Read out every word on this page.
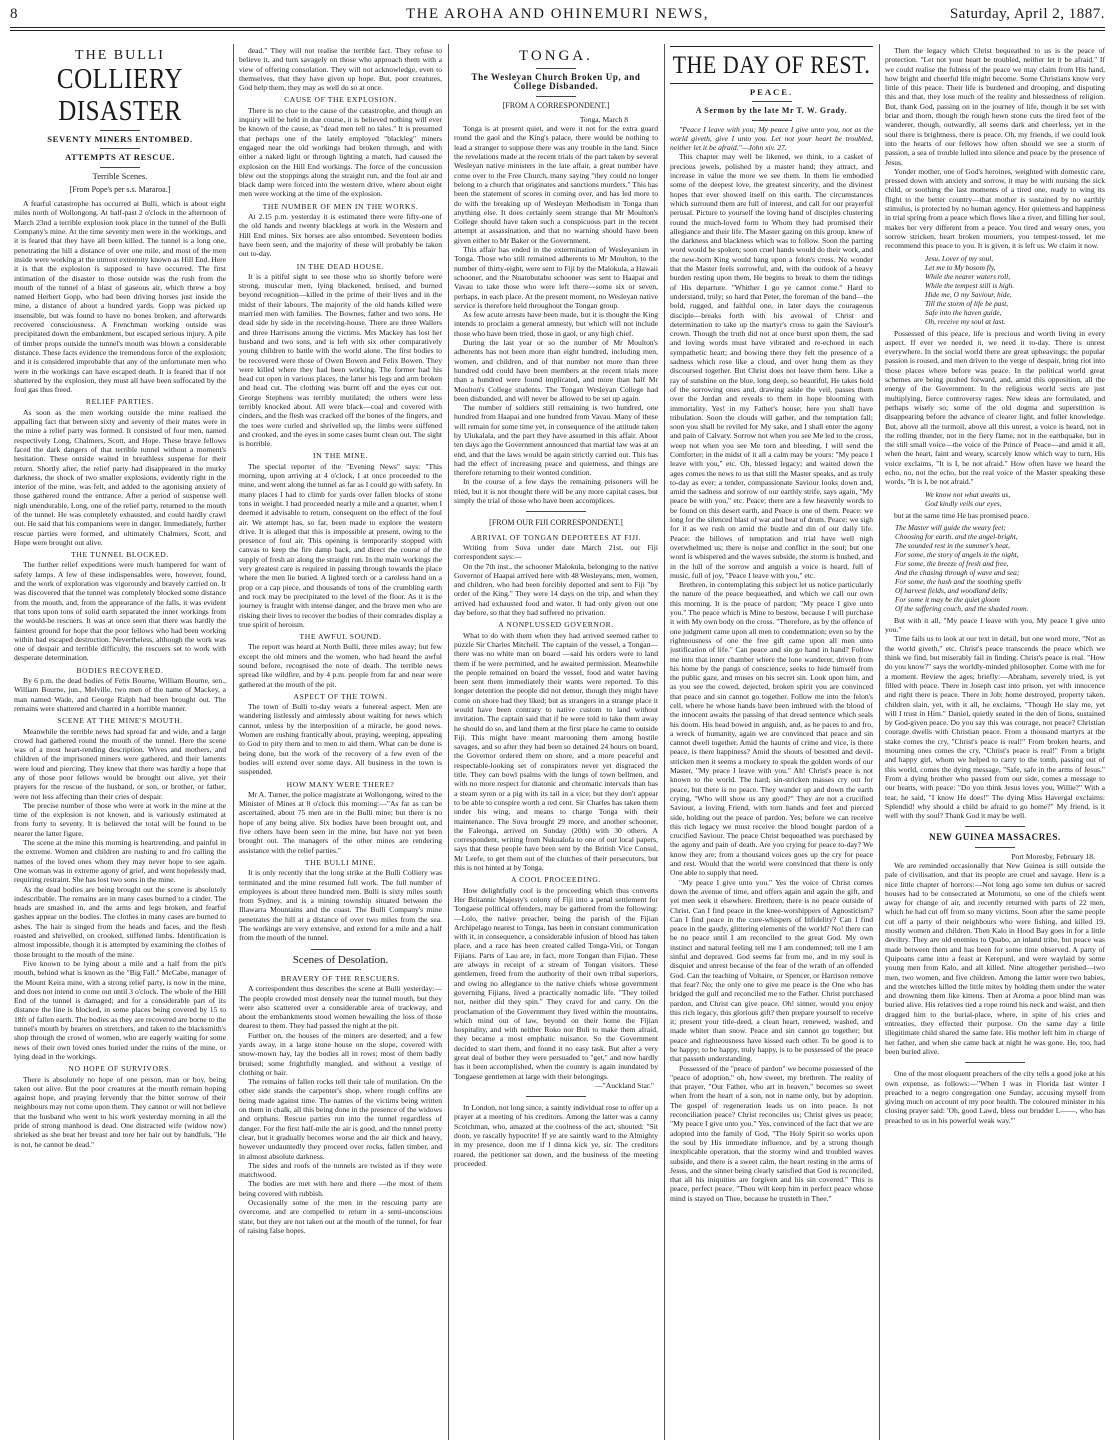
8	THE AROHA AND OHINEMURI NEWS,	Saturday, April 2, 1887.
THE BULLI
COLLIERY DISASTER
SEVENTY MINERS ENTOMBED.
ATTEMPTS AT RESCUE.
Terrible Scenes.
[From Pope's per s.s. Mararoa.]

A fearful catastrophe has occurred at Bulli, which is about eight miles north of Wollongong. At half-past 2 o'clock in the afternoon of March 23nd a terrible explosion took place in the tunnel of the Bulli Company's mine. At the time seventy men were in the workings, and it is feared that they have all been killed. The tunnel is a long one, penetrating the hill a distance of over one mile, and most of the men inside were working at the utmost extremity known as Hill End. Here it is that the explosion is supposed to have occurred. The first intimation of the disaster to those outside was the rush from the mouth of the tunnel of a blast of gaseous air, which threw a boy named Herbert Gopp, who had been driving horses just inside the mine, a distance of about a hundred yards. Gopp was picked up insensible, but was found to have no bones broken, and afterwards recovered consciousness. A Frenchman working outside was precipitated down the embankment, but escaped serious injury. A pile of timber props outside the tunnel's mouth was blown a considerable distance. These facts evidence the tremendous force of the explosion; and it is considered improbable that any of the unfortunate men who were in the workings can have escaped death. It is feared that if not shattered by the explosion, they must all have been suffocated by the foul gas thus freed.

RELIEF PARTIES.

As soon as the men working outside the mine realised the appalling fact that between sixty and seventy of their mates were in the mine a relief party was formed. It consisted of four men, named respectively Long, Chalmers, Scott, and Hope. These brave fellows faced the dark dangers of that terrible tunnel without a moment's hesitation. These outside waited in breathless suspense for their return. Shortly after, the relief party had disappeared in the murky darkness, the shock of two smaller explosions, evidently right in the interior of the mine, was felt, and added to the agonising anxiety of those gathered round the entrance. After a period of suspense well nigh unendurable, Long, one of the relief party, returned to the mouth of the tunnel. He was completely exhausted, and could hardly crawl out. He said that his companions were in danger. Immediately, further rescue parties were formed, and ultimately Chalmers, Scott, and Hope were brought out alive.

THE TUNNEL BLOCKED.

The further relief expeditions were much hampered for want of safety lamps. A few of these indispensables were, however, found, and the work of exploration was vigorously and bravely carried on. It was discovered that the tunnel was completely blocked some distance from the mouth, and, from the appearance of the falls, it was evident that tons upon tons of solid earth separated the inner workings from the would-be rescuers. It was at once seen that there was hardly the faintest ground for hope that the poor fellows who had been working within had escaped destruction. Nevertheless, although the work was one of despair and terrible difficulty, the rescuers set to work with desperate determination.

BODIES RECOVERED.

By 6 p.m. the dead bodies of Felix Bourne, William Bourne, sen., William Bourne, jun., Melville, two men of the name of Mackey, a man named Wade, and George Ralph had been brought out. The remains were shattered and charred in a horrible manner.

SCENE AT THE MINE'S MOUTH.

Meanwhile the terrible news had spread far and wide, and a large crowd had gathered round the mouth of the tunnel. Here the scene was of a most heart-rending description. Wives and mothers, and children of the imprisoned miners were gathered, and their laments were loud and piercing. They knew that there was hardly a hope that any of those poor fellows would be brought out alive, yet their prayers for the rescue of the husband, or son, or brother, or father, were not less affecting than their cries of despair.

The precise number of those who were at work in the mine at the time of the explosion is not known, and is variously estimated at from forty to seventy. It is believed the total will be found to be nearer the latter figure.

The scene at the mine this morning is heartrending, and painful in the extreme. Women and children are rushing to and fro calling the names of the loved ones whom they may never hope to see again. One woman was in extreme agony of grief, and went hopelessly mad, requiring restraint. She has lost two sons in the mine.

As the dead bodies are being brought out the scene is absolutely indescribable. The remains are in many cases burned to a cinder. The heads are smashed in, and the arms and legs broken, and fearful gashes appear on the bodies. The clothes in many cases are burned to ashes. The hair is singed from the heads and faces, and the flesh roasted and shrivelled, on crooked, stiffened limbs. Identification is almost impossible, though it is attempted by examining the clothes of those brought to the mouth of the mine.

Five known to be lying about a mile and a half from the pit's mouth, behind what is known as the "Big Fall." McCabe, manager of the Mount Keira mine, with a strong relief party, is now in the mine, and does not intend to come out until 3 o'clock. The whole of the Hill End of the tunnel is damaged; and for a considerable part of its distance the line is blocked, in some places being covered by 15 to 18ft of fallen earth. The bodies as they are recovered are borne to the tunnel's mouth by bearers on stretchers, and taken to the blacksmith's shop through the crowd of women, who are eagerly waiting for some news of their own loved ones buried under the ruins of the mine, or lying dead in the workings.

NO HOPE OF SURVIVORS.

There is absolutely no hope of one person, man or boy, being taken out alive. But the poor creatures at the mouth remain hoping against hope, and praying fervently that the bitter sorrow of their neighbours may not come upon them. They cannot or will not believe that the husband who went to his work yesterday morning in all the pride of strong manhood is dead. One distracted wife (widow now) shrieked as she beat her breast and tore her hair out by handfuls, "He is not, he cannot be dead."

dead." They will not realise the terrible fact. They refuse to believe it, and turn savagely on those who approach them with a view of offering consolation. They will not acknowledge, even to themselves, that they have given up hope. But, poor creatures, God help them, they may as well do so at once.

CAUSE OF THE EXPLOSION.

There is no clue to the cause of the catastrophe, and though an inquiry will be held in due course, it is believed nothing will ever be known of the cause, as "dead men tell no tales." It is presumed that perhaps one of the lately employed "blackleg" miners engaged near the old workings had broken through, and with either a naked light or through lighting a match, had caused the explosion on the Hill End workings. The force of the concussion blew out the stoppings along the straight run, and the foul air and black damp were forced into the western drive, where about eight men were working at the time of the explosion.

THE NUMBER OF MEN IN THE WORKS.

At 2.15 p.m. yesterday it is estimated there were fifty-one of the old hands and twenty blacklegs at work in the Western and Hill End mines. Six horses are also entombed. Seventeen bodies have been seen, and the majority of these will probably be taken out to-day.

IN THE DEAD HOUSE.

It is a pitiful sight to see those who so shortly before were strong, muscular men, lying blackened, bruised, and burned beyond recognition—killed in the prime of their lives and in the midst of their labours. The majority of the old hands killed were married men with families. The Bownes, father and two sons. He dead side by side in the receiving-house. There are three Wallers and three Harrisons among the victims. Mrs Mackey has lost her husband and two sons, and is left with six other comparatively young children to battle with the world alone. The first bodies to be recovered were those of Owen Bowen and Felix Bowen. They were killed where they had been working. The former had his head cut open in various places, the latter his legs and arm broken and head cut. The clothing was burnt off and the eyes cut out. George Stephens was terribly mutilated; the others were less terribly knocked about. All were black—coal and covered with cinders, and the flesh was cracked off the bones of the fingers, and the toes were curled and shrivelled up, the limbs were stiffened and crooked, and the eyes in some cases burnt clean out. The sight is horrible.

IN THE MINE.

The special reporter of the "Evening News" says: "This morning, upon arriving at 4 o'clock, I at once proceeded to the mine, and went along the tunnel as far as I could go with safety. In many places I had to climb for yards over fallen blocks of stone tons in weight. I had proceeded nearly a mile and a quarter, when I deemed it advisable to return, consequent on the effect of the foul air. We attempt has, so far, been made to explore the western drive. It is alleged that this is impossible at present, owing to the presence of foul air. This opening is temporarily stopped with canvas to keep the fire damp back, and direct the course of the supply of fresh air along the straight run. In the main workings the very greatest care is required in passing through towards the place where the men lie buried. A lighted torch or a careless hand on a prop or a cap piece, and thousands of tons of the crumbling earth and rock may be precipitated to the level of the floor. As it is the journey is fraught with intense danger, and the brave men who are risking their lives to recover the bodies of their comrades display a true spirit of heroism.

THE AWFUL SOUND.

The report was heard at North Bulli, three miles away; but few except the old miners and the women, who had heard the awful sound before, recognised the note of death. The terrible news spread like wildfire, and by 4 p.m. people from far and near were gathered at the mouth of the pit.

ASPECT OF THE TOWN.

The town of Bulli to-day wears a funereal aspect. Men are wandering listlessly and aimlessly about waiting for news which cannot, unless by the interposition of a miracle, be good news. Women are rushing frantically about, praying, weeping, appealing to God to pity them and to men to aid them. What can be done is being done, but the work of the recovery of a few even of the bodies will extend over some days. All business in the town is suspended.

HOW MANY WERE THERE?

Mr A. Turner, the police magistrate at Wollongong, wired to the Minister of Mines at 8 o'clock this morning:—"As far as can be ascertained, about 75 men are in the Bulli mine; but there is no hope of any being alive. Six bodies have been brought out, and five others have been seen in the mine, but have not yet been brought out. The managers of the other mines are rendering assistance with the relief parties."

THE BULLI MINE.

It is only recently that the long strike at the Bulli Colliery was terminated and the mine resumed full work. The full number of employees is about three hundred men. Bulli is sixty miles south from Sydney, and is a mining township situated between the Illawarra Mountains and the coast. The Bulli Company's mine penetrates the hill at a distance of over two miles from the sea. The workings are very extensive, and extend for a mile and a half from the mouth of the tunnel.

Scenes of Desolation.
BRAVERY OF THE RESCUERS.

A correspondent thus describes the scene at Bulli yesterday:—The people crowded most densely near the tunnel mouth, but they were also scattered over a considerable area of trackway, and about the embankments stood women bewailing the loss of those dearest to them. They had passed the night at the pit.

Further on, the houses of the miners are deserted, and a few yards away, in a large stone house on the slope, covered with snow-mown hay, lay the bodies all in rows; most of them badly bruised; some frightfully mangled, and without a vestige of clothing or hair.

The remains of fallen rocks tell their tale of mutilation. On the other side stands the carpenter's shop, where rough coffins are being made against time. The names of the victims being written on them in chalk, all this being done in the presence of the widows and orphans. Rescue parties run into the tunnel regardless of danger. For the first half-mile the air is good, and the tunnel pretty clear, but it gradually becomes worse and the air thick and heavy, however undauntedly they proceed over rocks, fallen timber, and in almost absolute darkness.

The sides and roofs of the tunnels are twisted as if they were matchwood.

The bodies are met with here and there —the most of them being covered with rubbish.

Occasionally some of the men in the rescuing party are overcome, and are compelled to return in a semi-unconscious state, but they are not taken out at the mouth of the tunnel, for fear of raising false hopes.

TONGA.
The Wesleyan Church Broken Up, and College Disbanded.
[FROM A CORRESPONDENT.]
Tonga, March 8

Tonga is at present quiet, and were it not for the extra guard round the gaol and the King's palace, there would be nothing to lead a stranger to suppose there was any trouble in the land. Since the revelations made at the recent trials of the part taken by several Wesleyan native ministers in the late affair, a great number have come over to the Free Church, many saying "they could no longer belong to a church that originates and sanctions murders." This has been the statement of scores in coming over, and has led more to do with the breaking up of Wesleyan Methodism in Tonga than anything else. It does certainly seem strange that Mr Moulton's College should have taken such a conspicuous part in the recent attempt at assassination, and that no warning should have been given either to Mr Baker or the Government.

This affair has ended in the extermination of Wesleyanism in Tonga. Those who still remained adherents to Mr Moulton, to the number of thirty-eight, were sent to Fiji by the Malokula, a Hawaii schooner, and the Nuatobutabu schooner was sent to Haapai and Vavau to take those who were left there—some six or seven, perhaps, in each place. At the present moment, no Wesleyan native service is therefore held throughout the Tongan group.

As few acute arrests have been made, but it is thought the King intends to proclaim a general amnesty, but which will not include those who have been tried, those in gaol, or any high chief.

During the last year or so the number of Mr Moulton's adherents has not been more than eight hundred, including men, women, and children, and of that number not more than three hundred odd could have been members at the recent trials more than a hundred were found implicated, and more than half Mr Moulton's College students. The Tongan Wesleyan College had been disbanded, and will never be allowed to be set up again.

The number of soldiers still remaining is two hundred, one hundred from Haapai and one hundred from Vavau. Many of these will remain for some time yet, in consequence of the attitude taken by Ulukalala, and the part they have assumed in this affair. About ten days ago the Government announced that martial law was at an end, and that the laws would be again strictly carried out. This has had the effect of increasing peace and quietness, and things are therefore returning to their wonted condition.

In the course of a few days the remaining prisoners will be tried, but it is not thought there will be any more capital cases, but simply the trial of those who have been accomplices.

[FROM OUR FIJI CORRESPONDENT.]
ARRIVAL OF TONGAN DEPORTEES AT FIJI.

Writing from Suva under date March 21st, our Fiji correspondent says:—

On the 7th inst., the schooner Malokula, belonging to the native Governor of Haapai arrived here with 48 Wesleyans, men, women, and children, who had been forcibly deported and sent to Fiji "by order of the King." They were 14 days on the trip, and when they arrived had exhausted food and water. It had only given out one day before, so that they had suffered no privation.

A NONPLUSSED GOVERNOR.

What to do with them when they had arrived seemed rather to puzzle Sir Charles Mitchell. The captain of the vessel, a Tongan—there was no white man on board —said his orders were to land them if he were permitted, and he awaited permission. Meanwhile the people remained on board the vessel, food and water having been sent them immediately their wants were reported. To this longer detention the people did not demur, though they might have come on shore had they liked; but as strangers in a strange place it would have been contrary to native custom to land without invitation. The captain said that if he were told to take them away he should do so, and land them at the first place he came to outside Fiji. This might have meant marooning them among hostile savages, and so after they had been so detained 24 hours on board, the Governor ordered them on shore, and a more peaceful and respectable-looking set of conspirators never yet disgraced the title. They can bowl psalms with the lungs of town bellmen, and with no more respect for diatonic and chromatic intervals than has a steam syren or a pig with its tail in a vice; but they don't appear to be able to conspire worth a red cent. Sir Charles has taken them under his wing, and means to charge Tonga with their maintenance. The Suva brought 29 more, and another schooner, the Faleonga, arrived on Sunday (20th) with 30 others. A correspondent, writing from Nukualofa to one of our local papers, says that these people have been sent by the British Vice Consul, Mr Leefe, to get them out of the clutches of their persecutors, but this is not hinted at by Tonga.

A COOL PROCEEDING.

How delightfully cool is the proceeding which thus converts Her Britannic Majesty's colony of Fiji into a penal settlement for Tongaese political offenders, may be gathered from the following:—Lolo, the native preacher, being the parish of the Fijian Archipelago nearest to Tonga, has been in constant communication with it, in consequence, a considerable infusion of blood has taken place, and a race has been created called Tonga-Viti, or Tongan Fijians. Parts of Lau are, in fact, more Tongan than Fijian. These are always in receipt of a stream of Tongan visitors. These gentlemen, freed from the authority of their own tribal superiors, and owing no allegiance to the native chiefs whose government governing Fijians, lived a practically nomadic life. "They toiled not, neither did they spin." They cravd for and carry. On the proclamation of the Government they lived within the mountains, which mind out of law, beyond on their home the Fijian hospitality, and with neither Roko nor Buli to make them afraid, they became a most emphatic nuisance. So the Government decided to start them, and found it no easy task. But after a very great deal of bother they were persuaded to "get," and now hardly has it been accomplished, when the country is again inundated by Tongaese gentlemen at large with their belongings.

—"Auckland Star."

In London, not long since, a saintly individual rose to offer up a prayer at a meeting of his creditors. Among the latter was a canny Scotchman, who, amazed at the coolness of the act, shouted: "Sit doon, ye rascally hypocrite! If ye are saintly ward to the Almighty in my presence, doon me if I dinna kick ye, sir. The creditors roared, the petitioner sat down, and the business of the meeting proceeded.

THE DAY OF REST.
PEACE.
A Sermon by the late Mr T. W. Grady.

"Peace I leave with you; My peace I give unto you, not as the world giveth, give I unto you. Let not your heart be troubled, neither let it be afraid."—John xiv. 27.

This chapter may well be likened, we think, to a casket of precious jewels, polished by a master hand; they attract, and increase in value the more we see them. In them lie embodied some of the deepest love, the greatest sincerity, and the divinest hopes that ever showed itself on this earth. The circumstances which surround them are full of interest, and call for our prayerful perusal. Picture to yourself the loving band of disciples clustering round the much-loved form to Whom they had promised their allegiance and their life. The Master gazing on this group, knew of the darkness and blackness which was to follow. Soon the parting word would be spoken; soon cruel hands would do their work, and the new-born King would hang upon a felon's cross. No wonder that the Master feels sorrowful, and, with the outlook of a heavy burden resting upon them, He begins to break to them the tidings of His departure. "Whither I go ye cannot come." Hard to understand, truly; so hard that Peter, the foreman of the band—the bold, rugged, and faithful one, in later days the courageous disciple—breaks forth with his avowal of Christ and determination to take up the martyr's cross to gain the Saviour's crown. Though the truth did not at once burst upon them, the sad and loving words must have vibrated and re-echoed in each sympathetic heart; and bowing there they felt the presence of a sadness which rose like a cloud, and over hung them as they discoursed together. But Christ does not leave them here. Like a ray of sunshine on the blue, long deep, so beautiful, He takes hold of the sorrowing ones and, drawing aside the veil, passes them over the Jordan and reveals to them in hope blooming with immortality. Yes! in my Father's house; here you shall have tribulation. Soon the clouds will gather, and the temptation fall; soon you shall be reviled for My sake, and I shall enter the agony and pain of Calvary. Sorrow not when you see Me led to the cross, weep not when you see Me torn and bleeding, I will send the Comforter; in the midst of it all a calm may be yours: "My peace I leave with you," etc. Oh, blessed legacy; and waited down the ages comes the news to us that still the Master speaks, and as truly to-day as ever; a tender, compassionate Saviour looks down and, amid the sadness and sorrow of our earthly strife, says again, "My peace be with you," etc. Peace; there are a few heavenly words to be found on this desert earth, and Peace is one of them. Peace: we long for the silenced blast of war and beat of drum. Peace: we sigh for it as we rush on amid the bustle and din of our daily life. Peace: the billows of temptation and trial have well nigh overwhelmed us; there is noise and conflict in the soul; but one word is whispered and the waves subside, the storm is hushed, and in the lull of the sorrow and anguish a voice is heard, full of music, full of joy, "Peace I leave with you," etc.

Brethren, in contemplating this subject let us notice particularly the nature of the peace bequeathed, and which we call our own this morning. It is the peace of pardon; "My peace I give unto you." The peace which is Mine to bestow, because I will purchase it with My own body on the cross. "Therefore, as by the offence of one judgment came upon all men to condemnation; even so by the righteousness of one the free gift came upon all men unto justification of life." Can peace and sin go hand in hand? Follow me into that inner chamber where the lone wanderer, driven from his home by the pangs of conscience, seeks to hide himself from the public gaze, and muses on his secret sin. Look upon him, and as you see the cowed, dejected, broken spirit you are convinced that peace and sin cannot go together. Follow me into the felon's cell, where he whose hands have been imbrued with the blood of the innocent awaits the passing of that dread sentence which seals his doom. His head bowed in anguish, and, as he paces to and fro, a wreck of humanity, again we are convinced that peace and sin cannot dwell together. Amid the haunts of crime and vice, is there peace, is there happiness? Amid the shouts of besotted and devil-stricken men it seems a mockery to speak the golden words of our Master, "My peace I leave with you." Ah! Christ's peace is not known to the world. The hard, sin-stricken masses cry out for peace, but there is no peace. They wander up and down the earth crying, "Who will show us any good?" They are not a crucified Saviour, a loving Friend, with torn hands and feet and pierced side, holding out the peace of pardon. Yes; before we can receive this rich legacy we must receive the blood bought pardon of a crucified Saviour. The peace Christ bequeathed was purchased by the agony and pain of death. Are you crying for peace to-day? We know they are; from a thousand voices goes up the cry for peace and rest. Would that the world were convinced that there is only One able to supply that need.

"My peace I give unto you." Yes the voice of Christ comes down the avenue of time, and offers again and again the gift, and yet men seek it elsewhere. Brethren, there is no peace outside of Christ. Can I find peace in the knee-worshippers of Agnosticism? Can I find peace in the cure-whispers of Infidelity? Can I find peace in the gaudy, glittering elements of the world? No! there can be no peace until I am reconciled to the great God. My own instinct and natural feeling tell me I am condemned; tell me I am sinful and depraved. God seems far from me, and in my soul is disquiet and unrest because of the fear of the wrath of an offended God. Can the teaching of Voltaire, or Spencer, or Harrison remove that fear? No; the only one to give me peace is the One who has bridged the gulf and reconciled me to the Father. Christ purchased pardon, and Christ can give peace. Oh! sinner, would you enjoy this rich legacy, this glorious gift? then prepare yourself to receive it; present your title-deed, a clean heart, renewed, washed, and made whiter than snow. Peace and sin cannot go together; but peace and righteousness have kissed each other. To be good is to be happy; to be happy, truly happy, is to be possessed of the peace that passeth understanding.

Possessed of the "peace of pardon" we become possessed of the "peace of adoption," oh, how sweet, my brethren. The reality of that prayer, "Our Father, who art in heaven," becomes so sweet when from the heart of a son, not in name only, but by adoption. The gospel of regeneration leads us on into peace. Is not reconciliation peace? Christ reconciles us; Christ gives us peace; "My peace I give unto you." Yes, convinced of the fact that we are adopted into the family of God, "The Holy Spirit so works upon the soul by His immediate influence, and by a strong though inexplicable operation, that the stormy wind and troubled waves subside, and there is a sweet calm, the heart resting in the arms of Jesus, and the sinner being clearly satisfied that God is reconciled, that all his iniquities are forgiven and his sin covered." This is peace, perfect peace. "Thou wilt keep him in perfect peace whose mind is stayed on Thee, because he trusteth in Thee."

Then the legacy which Christ bequeathed to us is the peace of protection. "Let not your heart be troubled, neither let it be afraid." If we could realise the fulness of the peace we may claim from His hand, how bright and cheerful life might become. Some Christians know very little of this peace. Their life is burdened and drooping, and disputing this and that, they lose much of the reality and blessedness of religion. But, thank God, passing on in the journey of life, though it be set with briar and thorn, though the rough hewn stone cuts the tired feet of the wanderer, though, outwardly, all seems dark and cheerless, yet in the soul there is brightness, there is peace. Oh, my friends, if we could look into the hearts of our fellows how often should we see a storm of passion, a sea of trouble lulled into silence and peace by the presence of Jesus.

Yonder mother, one of God's heroines, weighted with domestic care, pressed down with anxiety and sorrow, it may be with nursing the sick child, or soothing the last moments of a tired one, ready to wing its flight to the better country—that mother is sustained by no earthly stimulus, is protected by no human agency. Her quietness and happiness in trial spring from a peace which flows like a river, and filling her soul, makes her very different from a peace. You tired and weary ones, you sorrow stricken, heart broken mourners, you tempest-tossed, let me recommend this peace to you. It is given, it is left us. We claim it now.

Jesu, Lover of my soul,
Let me to My bosom fly,
While the nearer waters roll,
While the tempest still is high.
Hide me, O my Saviour, hide,
Till the storm of life be past,
Safe into the haven guide,
Oh, receive my soul at last.

Possessed of this peace, life is precious and worth living in every aspect. If ever we needed it, we need it to-day. There is unrest everywhere. In the social world there are great upheavings; the popular passion is roused, and men driven to the verge of despair, bring riot into those places where before was peace. In the political world great schemes are being pushed forward, and, amid this opposition, all the energy of the Government. In the religious world sects are just multiplying, fierce controversy rages. New ideas are formulated, and perhaps wisely so; some of the old dogma and superstition is disappearing before the advance of clearer light, and fuller knowledge. But, above all the turmoil, above all this unrest, a voice is heard, not in the rolling thunder, not in the fiery flame, not in the earthquake, but in the still small voice—the voice of the Prince of Peace—and amid it all, when the heart, faint and weary, scarcely know which way to turn, His voice exclaims, "It is I, be not afraid." How often have we heard the echo, no, not the echo, but the real voice of the Master speaking these words, "It is I, be not afraid."

We know not what awaits us,
God kindly veils our eyes,

but at the same time He has promised peace.

The Master will guide the weary feet;
Choosing for earth, and the angel-bright,
The sounded rest in the summer's heat,
For some, the story of angels in the night,
For some, the breeze of fresh and free,
And the chasing through of wave and sea;
For some, the hush and the soothing spells
Of harvest fields, and woodland dells;
For some it may be the quiet gloom
Of the suffering couch, and the shaded room.

But with it all, "My peace I leave with you, My peace I give unto you."

Time fails us to look at our text in detail, but one word more, "Not as the world giveth," etc. Christ's peace transcends the peace which we think we find, but miserably fail in finding. Christ's peace is real. "How do you know?" says the worldly-minded philosopher. Come with me for a moment. Review the ages; briefly:—Abraham, severely tried, is yet filled with peace. There in Joseph cast into prison, yet with innocence and right there is peace. There in Job: home destroyed, property taken, children slain, yet, with it all, he exclaims, "Though He slay me, yet will I trust in Him." Daniel, quietly seated in the den of lions, sustained by God-given peace. Do you say this was courage, not peace? Christian courage dwells with Christian peace. From a thousand martyrs at the stake comes the cry, "Christ's peace is real!" From broken hearts, and mourning ones comes the cry, "Christ's peace is real!" From a bright and happy girl, whom we helped to carry to the tomb, passing out of this world, comes the dying message, "Safe, safe in the arms of Jesus." From a dying brother who passed from our side, comes a message to our hearts, with peace: "Do you think Jesus loves you, Willie?" With a tear, he said, "I know He does!" The dying Miss Havergal exclaims: Splendid! why should a child be afraid to go home?" My friend, is it well with thy soul? Thank God it may be well.

NEW GUINEA MASSACRES.
Port Moresby, February 18.

We are reminded occasionally that New Guinea is still outside the pale of civilisation, and that its people are cruel and savage. Here is a nice little chapter of horrors:—Not long ago some ten dubus or sacred houses had to be consecrated at Motumotu, so one of the chiefs went away for change of air, and recently returned with parts of 22 men, which he had cut off from so many victims. Soon after the same people cut off a party of their neighbours who were fishing, and killed 19, mostly women and children. Then Kalo in Hood Bay goes in for a little deviltry. They are old enemies to Quabo, an inland tribe, but peace was made between them and has been for some time observed. A party of Quipoans came into a feast at Kerepunl, and were waylaid by some young men from Kalo, and all killed. Nine altogether perished—two men, two women, and five children. Among the latter were two babies, and the wretches killed the little mites by holding them under the water and drowning them like kittens. Then at Aroma a poor blind man was buried alive. His relatives tied a rope round his neck and waist, and then dragged him to the burial-place, where, in spite of his cries and entreaties, they effected their purpose. On the same day a little illegitimate child shared the same fate. His mother left him in charge of her father, and when she came back at night he was gone. He, too, had been buried alive.

One of the most eloquent preachers of the city tells a good joke at his own expense, as follows:—"When I was in Florida last winter I preached to a negro congregation one Sunday, accusing myself from giving much on account of my poor health. The coloured minister in his closing prayer said: 'Oh, good Lawd, bless our brudder L——, who has preached to us in his powerful weak way.'"
